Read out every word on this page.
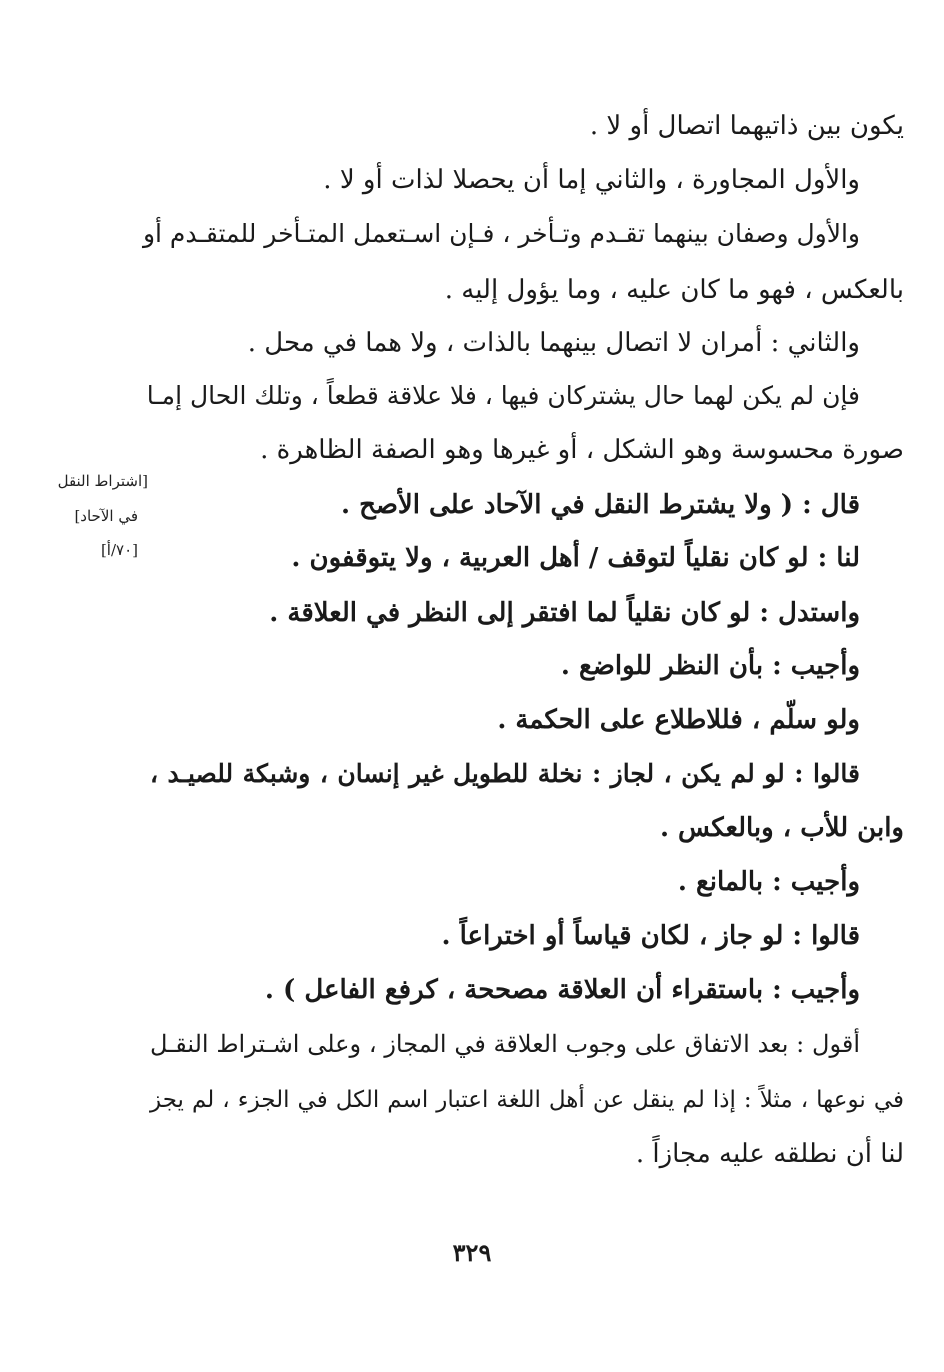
يكون بين ذاتيهما اتصال أو لا .
والأول المجاورة ، والثاني إما أن يحصلا لذات أو لا .
والأول وصفان بينهما تقـدم وتـأخر ، فـإن اسـتعمل المتـأخر للمتقـدم أو
بالعكس ، فهو ما كان عليه ، وما يؤول إليه .
والثاني : أمران لا اتصال بينهما بالذات ، ولا هما في محل .
فإن لم يكن لهما حال يشتركان فيها ، فلا علاقة قطعاً ، وتلك الحال إمـا
صورة محسوسة وهو الشكل ، أو غيرها وهو الصفة الظاهرة .
قال : ( ولا يشترط النقل في الآحاد على الأصح .
لنا : لو كان نقلياً لتوقف / أهل العربية ، ولا يتوقفون .
واستدل : لو كان نقلياً لما افتقر إلى النظر في العلاقة .
وأجيب : بأن النظر للواضع .
ولو سلّم ، فللاطلاع على الحكمة .
قالوا : لو لم يكن ، لجاز : نخلة للطويل غير إنسان ، وشبكة للصيـد ،
وابن للأب ، وبالعكس .
وأجيب : بالمانع .
قالوا : لو جاز ، لكان قياساً أو اختراعاً .
وأجيب : باستقراء أن العلاقة مصححة ، كرفع الفاعل ) .
أقول : بعد الاتفاق على وجوب العلاقة في المجاز ، وعلى اشـتراط النقـل
في نوعها ، مثلاً : إذا لم ينقل عن أهل اللغة اعتبار اسم الكل في الجزء ، لم يجز
لنا أن نطلقه عليه مجازاً .
[اشتراط النقل
في الآحاد]
[٧٠/أ]
٣٢٩
